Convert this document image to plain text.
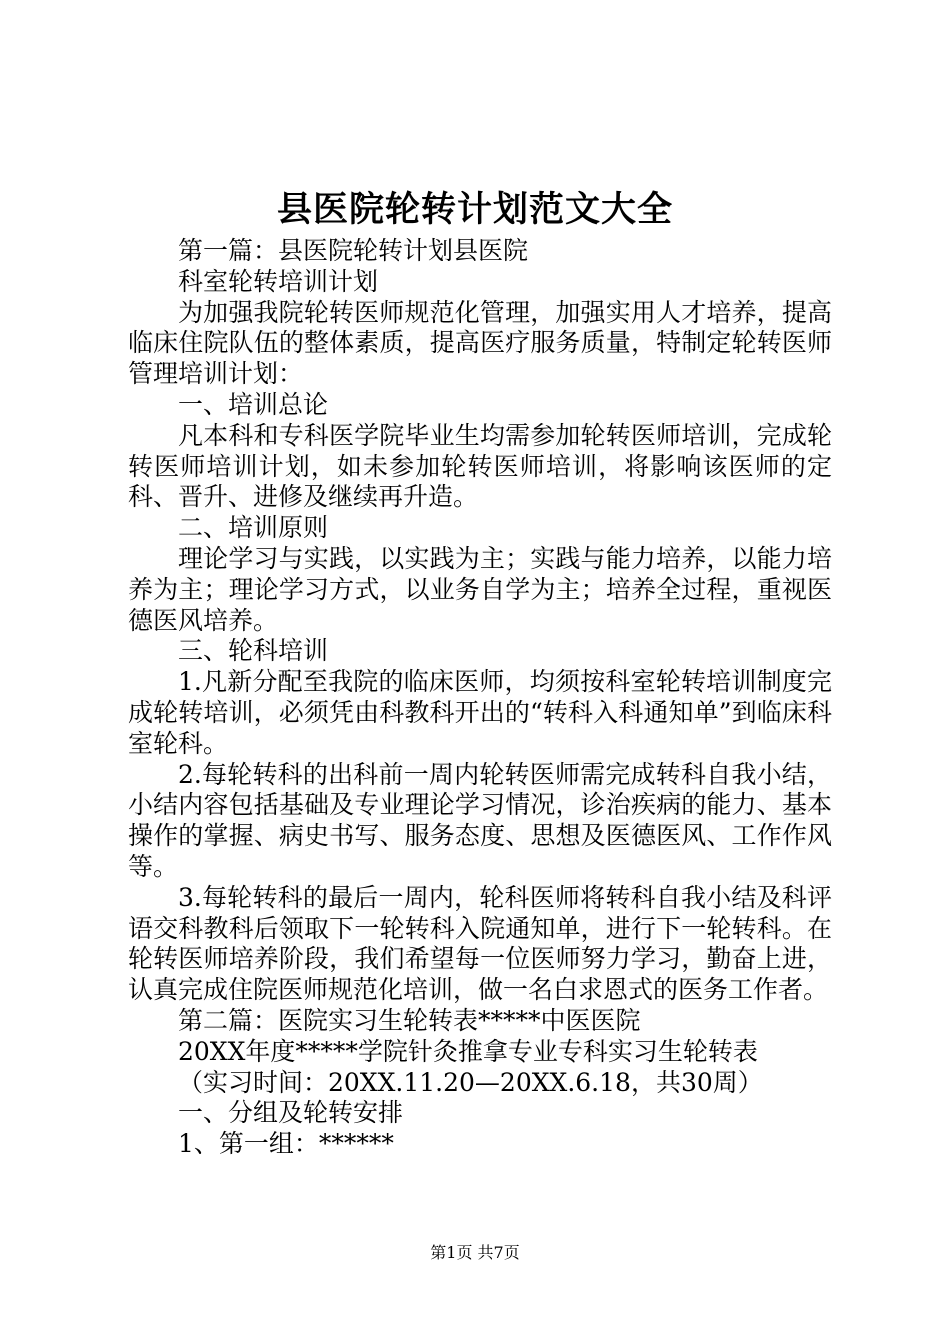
县医院轮转计划范文大全

第一篇：县医院轮转计划县医院

科室轮转培训计划

为加强我院轮转医师规范化管理，加强实用人才培养，提高临床住院队伍的整体素质，提高医疗服务质量，特制定轮转医师管理培训计划：

一、培训总论

凡本科和专科医学院毕业生均需参加轮转医师培训，完成轮转医师培训计划，如未参加轮转医师培训，将影响该医师的定科、晋升、进修及继续再升造。

二、培训原则

理论学习与实践，以实践为主；实践与能力培养，以能力培养为主；理论学习方式，以业务自学为主；培养全过程，重视医德医风培养。

三、轮科培训

1.凡新分配至我院的临床医师，均须按科室轮转培训制度完成轮转培训，必须凭由科教科开出的“转科入科通知单”到临床科室轮科。

2.每轮转科的出科前一周内轮转医师需完成转科自我小结，小结内容包括基础及专业理论学习情况，诊治疾病的能力、基本操作的掌握、病史书写、服务态度、思想及医德医风、工作作风等。

3.每轮转科的最后一周内，轮科医师将转科自我小结及科评语交科教科后领取下一轮转科入院通知单，进行下一轮转科。在轮转医师培养阶段，我们希望每一位医师努力学习，勤奋上进，认真完成住院医师规范化培训，做一名白求恩式的医务工作者。

第二篇：医院实习生轮转表*****中医医院

20XX年度*****学院针灸推拿专业专科实习生轮转表

（实习时间：20XX.11.20—20XX.6.18，共30周）

一、分组及轮转安排

1、第一组：******

第1页 共7页
